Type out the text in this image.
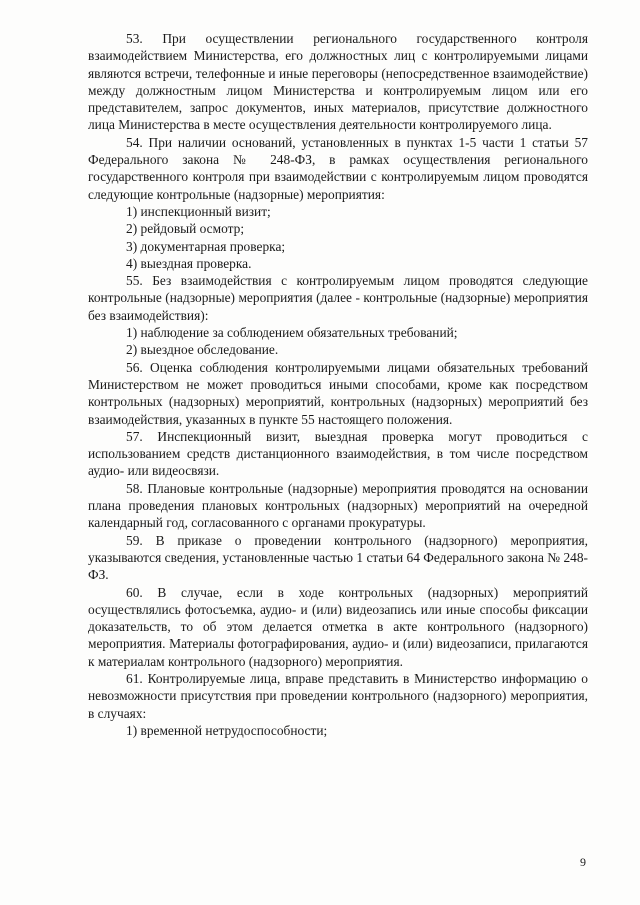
53. При осуществлении регионального государственного контроля взаимодействием Министерства, его должностных лиц с контролируемыми лицами являются встречи, телефонные и иные переговоры (непосредственное взаимодействие) между должностным лицом Министерства и контролируемым лицом или его представителем, запрос документов, иных материалов, присутствие должностного лица Министерства в месте осуществления деятельности контролируемого лица.

54. При наличии оснований, установленных в пунктах 1-5 части 1 статьи 57 Федерального закона № 248-ФЗ, в рамках осуществления регионального государственного контроля при взаимодействии с контролируемым лицом проводятся следующие контрольные (надзорные) мероприятия:

1) инспекционный визит;

2) рейдовый осмотр;

3) документарная проверка;

4) выездная проверка.

55. Без взаимодействия с контролируемым лицом проводятся следующие контрольные (надзорные) мероприятия (далее - контрольные (надзорные) мероприятия без взаимодействия):

1) наблюдение за соблюдением обязательных требований;

2) выездное обследование.

56. Оценка соблюдения контролируемыми лицами обязательных требований Министерством не может проводиться иными способами, кроме как посредством контрольных (надзорных) мероприятий, контрольных (надзорных) мероприятий без взаимодействия, указанных в пункте 55 настоящего положения.

57. Инспекционный визит, выездная проверка могут проводиться с использованием средств дистанционного взаимодействия, в том числе посредством аудио- или видеосвязи.

58. Плановые контрольные (надзорные) мероприятия проводятся на основании плана проведения плановых контрольных (надзорных) мероприятий на очередной календарный год, согласованного с органами прокуратуры.

59. В приказе о проведении контрольного (надзорного) мероприятия, указываются сведения, установленные частью 1 статьи 64 Федерального закона № 248-ФЗ.

60. В случае, если в ходе контрольных (надзорных) мероприятий осуществлялись фотосъемка, аудио- и (или) видеозапись или иные способы фиксации доказательств, то об этом делается отметка в акте контрольного (надзорного) мероприятия. Материалы фотографирования, аудио- и (или) видеозаписи, прилагаются к материалам контрольного (надзорного) мероприятия.

61. Контролируемые лица, вправе представить в Министерство информацию о невозможности присутствия при проведении контрольного (надзорного) мероприятия, в случаях:

1) временной нетрудоспособности;

9
